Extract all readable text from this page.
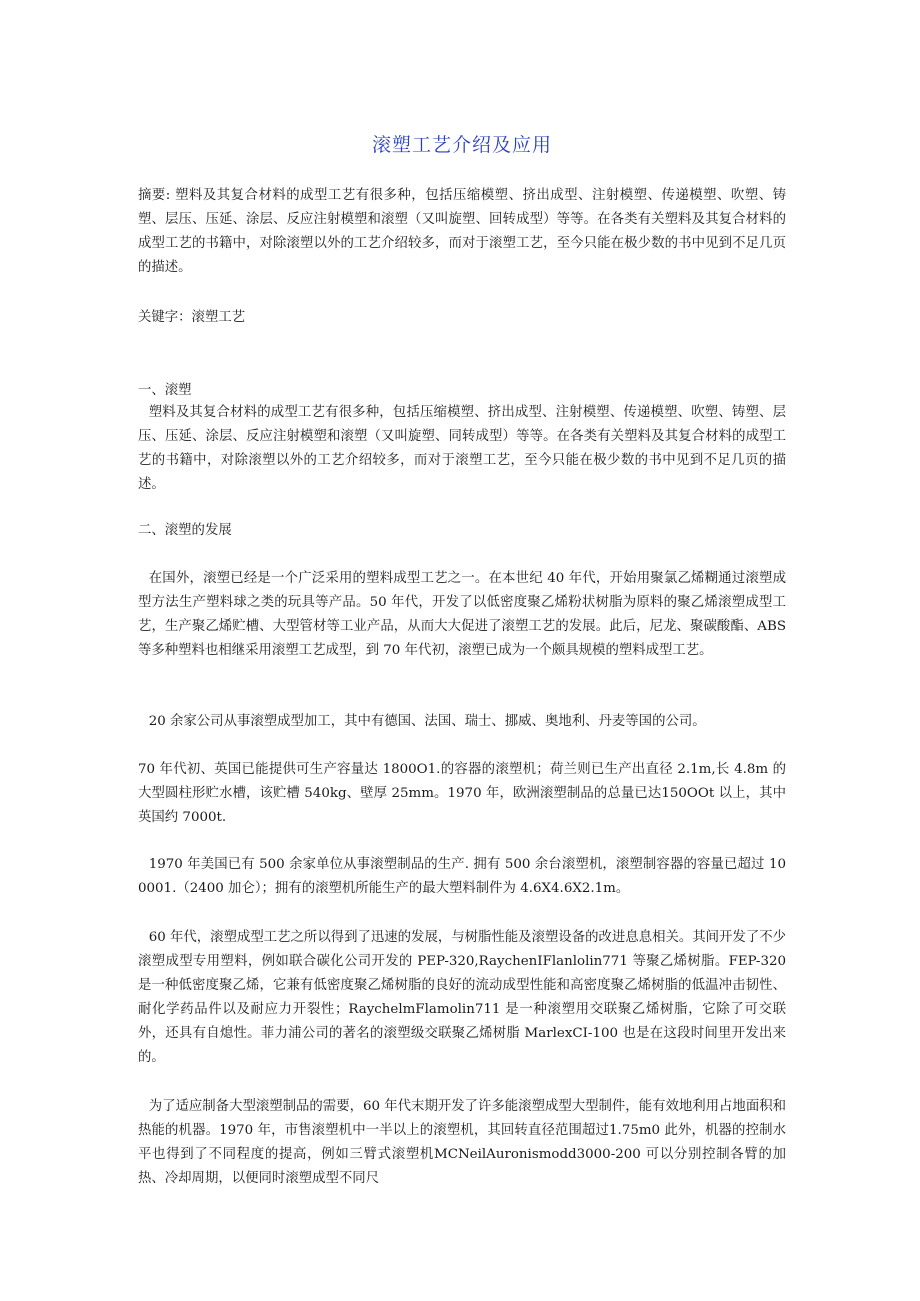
滚塑工艺介绍及应用
摘要: 塑料及其复合材料的成型工艺有很多种，包括压缩模塑、挤出成型、注射模塑、传递模塑、吹塑、铸塑、层压、压延、涂层、反应注射模塑和滚塑（又叫旋塑、回转成型）等等。在各类有关塑料及其复合材料的成型工艺的书籍中，对除滚塑以外的工艺介绍较多，而对于滚塑工艺，至今只能在极少数的书中见到不足几页的描述。
关键字：滚塑工艺
一、滚塑
塑料及其复合材料的成型工艺有很多种，包括压缩模塑、挤出成型、注射模塑、传递模塑、吹塑、铸塑、层压、压延、涂层、反应注射模塑和滚塑（又叫旋塑、同转成型）等等。在各类有关塑料及其复合材料的成型工艺的书籍中，对除滚塑以外的工艺介绍较多，而对于滚塑工艺，至今只能在极少数的书中见到不足几页的描述。
二、滚塑的发展
在国外，滚塑已经是一个广泛采用的塑料成型工艺之一。在本世纪 40 年代，开始用聚氯乙烯糊通过滚塑成型方法生产塑料球之类的玩具等产品。50 年代，开发了以低密度聚乙烯粉状树脂为原料的聚乙烯滚塑成型工艺，生产聚乙烯贮槽、大型管材等工业产品，从而大大促进了滚塑工艺的发展。此后，尼龙、聚碳酸酯、ABS 等多种塑料也相继采用滚塑工艺成型，到 70 年代初，滚塑已成为一个颇具规模的塑料成型工艺。
20 余家公司从事滚塑成型加工，其中有德国、法国、瑞士、挪威、奥地利、丹麦等国的公司。
70 年代初、英国已能提供可生产容量达 1800O1.的容器的滚塑机；荷兰则已生产出直径 2.1m,长 4.8m 的大型圆柱形贮水槽，该贮槽 540kg、壁厚 25mm。1970 年，欧洲滚塑制品的总量已达150OOt 以上，其中英国约 7000t.
1970 年美国已有 500 余家单位从事滚塑制品的生产. 拥有 500 余台滚塑机，滚塑制容器的容量已超过 100001.（2400 加仑）；拥有的滚塑机所能生产的最大塑料制件为 4.6X4.6X2.1m。
60 年代，滚塑成型工艺之所以得到了迅速的发展，与树脂性能及滚塑设备的改进息息相关。其间开发了不少滚塑成型专用塑料，例如联合碳化公司开发的 PEP-320,RaychenIFlanlolin771 等聚乙烯树脂。FEP-320 是一种低密度聚乙烯，它兼有低密度聚乙烯树脂的良好的流动成型性能和高密度聚乙烯树脂的低温冲击韧性、耐化学药品件以及耐应力开裂性；RaychelmFlamolin711 是一种滚塑用交联聚乙烯树脂，它除了可交联外，还具有自熄性。菲力浦公司的著名的滚塑级交联聚乙烯树脂 MarlexCI-100 也是在这段时间里开发出来的。
为了适应制备大型滚塑制品的需要，60 年代末期开发了许多能滚塑成型大型制件，能有效地利用占地面积和热能的机器。1970 年，市售滚塑机中一半以上的滚塑机，其回转直径范围超过1.75m0 此外，机器的控制水平也得到了不同程度的提高，例如三臂式滚塑机MCNeilAuronismodd3000-200 可以分别控制各臂的加热、冷却周期，以便同时滚塑成型不同尺
